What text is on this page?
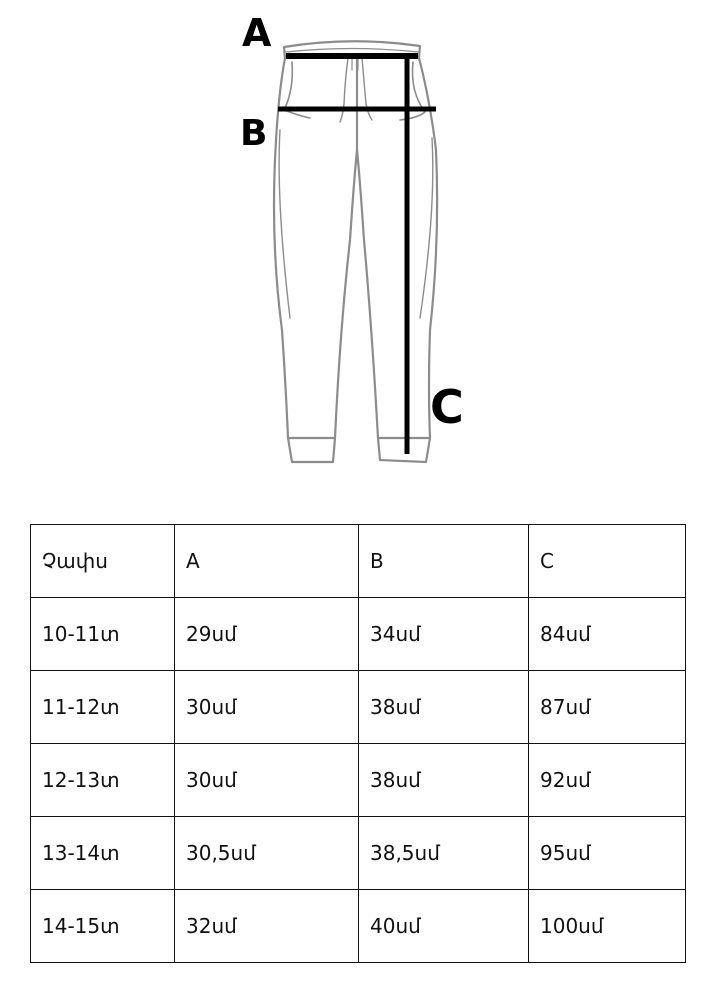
A
B
C
Չափս	A	B	C
10-11տ	29սմ	34սմ	84սմ
11-12տ	30սմ	38սմ	87սմ
12-13տ	30սմ	38սմ	92սմ
13-14տ	30,5սմ	38,5սմ	95սմ
14-15տ	32սմ	40սմ	100սմ
